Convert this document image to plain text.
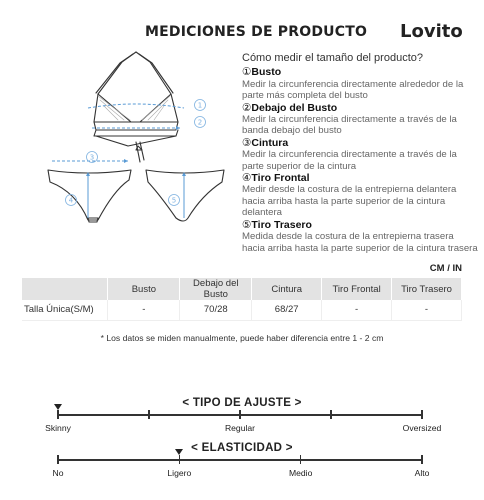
MEDICIONES DE PRODUCTO Lovito
1
2
3
4	5
Cómo medir el tamaño del producto?
①Busto
Medir la circunferencia directamente alrededor de la parte más completa del busto
②Debajo del Busto
Medir la circunferencia directamente a través de la banda debajo del busto
③Cintura
Medir la circunferencia directamente a través de la parte superior de la cintura
④Tiro Frontal
Medir desde la costura de la entrepierna delantera hacia arriba hasta la parte superior de la cintura delantera
⑤Tiro Trasero
Medida desde la costura de la entrepierna trasera hacia arriba hasta la parte superior de la cintura trasera
CM / IN
	Busto	Debajo del Busto	Cintura	Tiro Frontal	Tiro Trasero
Talla Única(S/M)	-	70/28	68/27	-	-
* Los datos se miden manualmente, puede haber diferencia entre 1 - 2 cm
< TIPO DE AJUSTE >
Skinny	Regular	Oversized
< ELASTICIDAD >
No	Ligero	Medio	Alto
